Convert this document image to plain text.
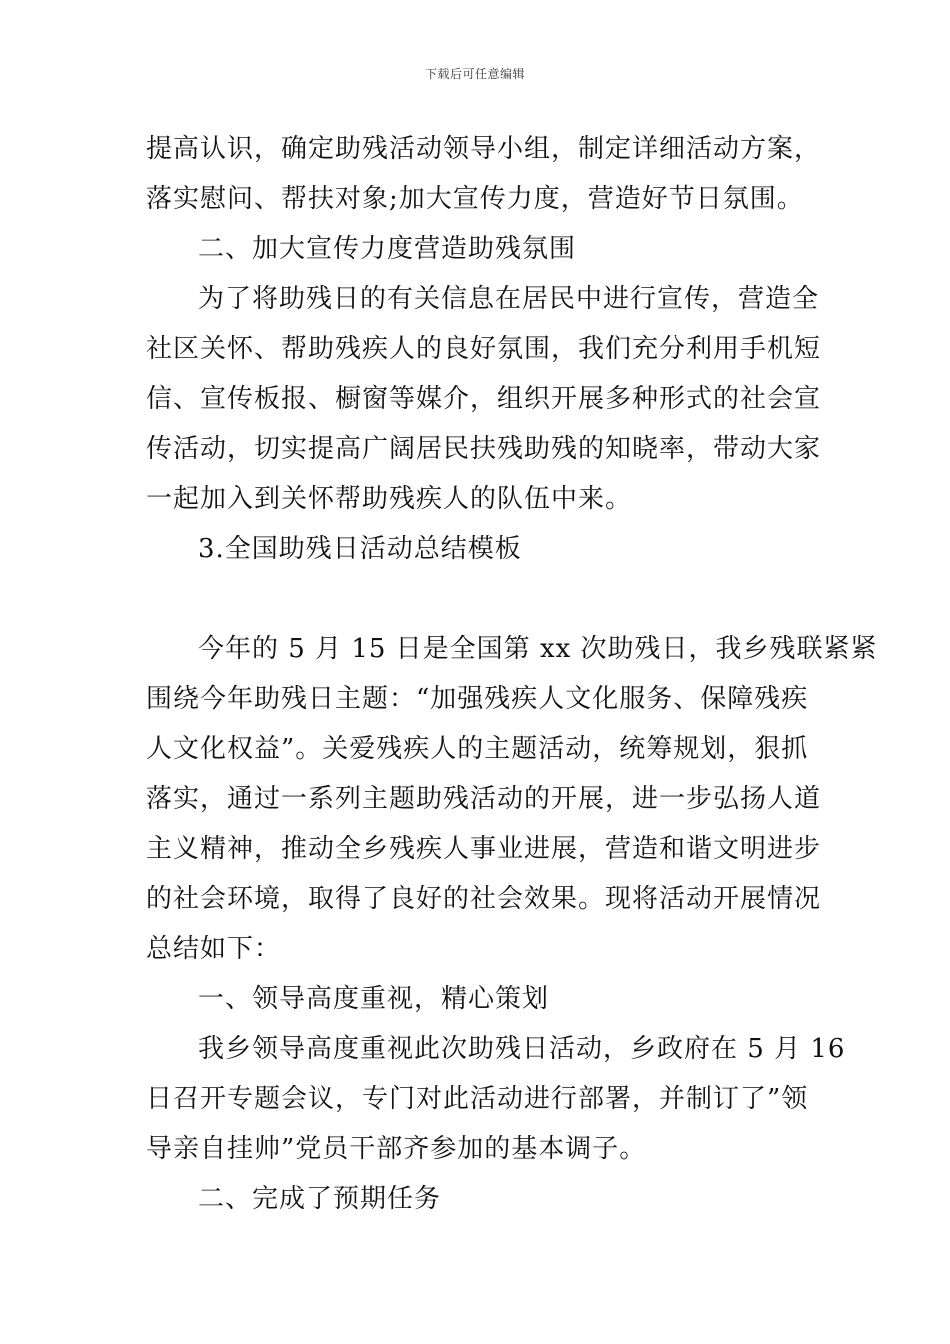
下载后可任意编辑
提高认识，确定助残活动领导小组，制定详细活动方案，
落实慰问、帮扶对象;加大宣传力度，营造好节日氛围。
二、加大宣传力度营造助残氛围
为了将助残日的有关信息在居民中进行宣传，营造全
社区关怀、帮助残疾人的良好氛围，我们充分利用手机短
信、宣传板报、橱窗等媒介，组织开展多种形式的社会宣
传活动，切实提高广阔居民扶残助残的知晓率，带动大家
一起加入到关怀帮助残疾人的队伍中来。
3.全国助残日活动总结模板
今年的 5 月 15 日是全国第 xx 次助残日，我乡残联紧紧
围绕今年助残日主题：“加强残疾人文化服务、保障残疾
人文化权益”。关爱残疾人的主题活动，统筹规划，狠抓
落实，通过一系列主题助残活动的开展，进一步弘扬人道
主义精神，推动全乡残疾人事业进展，营造和谐文明进步
的社会环境，取得了良好的社会效果。现将活动开展情况
总结如下：
一、领导高度重视，精心策划
我乡领导高度重视此次助残日活动，乡政府在 5 月 16
日召开专题会议，专门对此活动进行部署，并制订了”领
导亲自挂帅”党员干部齐参加的基本调子。
二、完成了预期任务
